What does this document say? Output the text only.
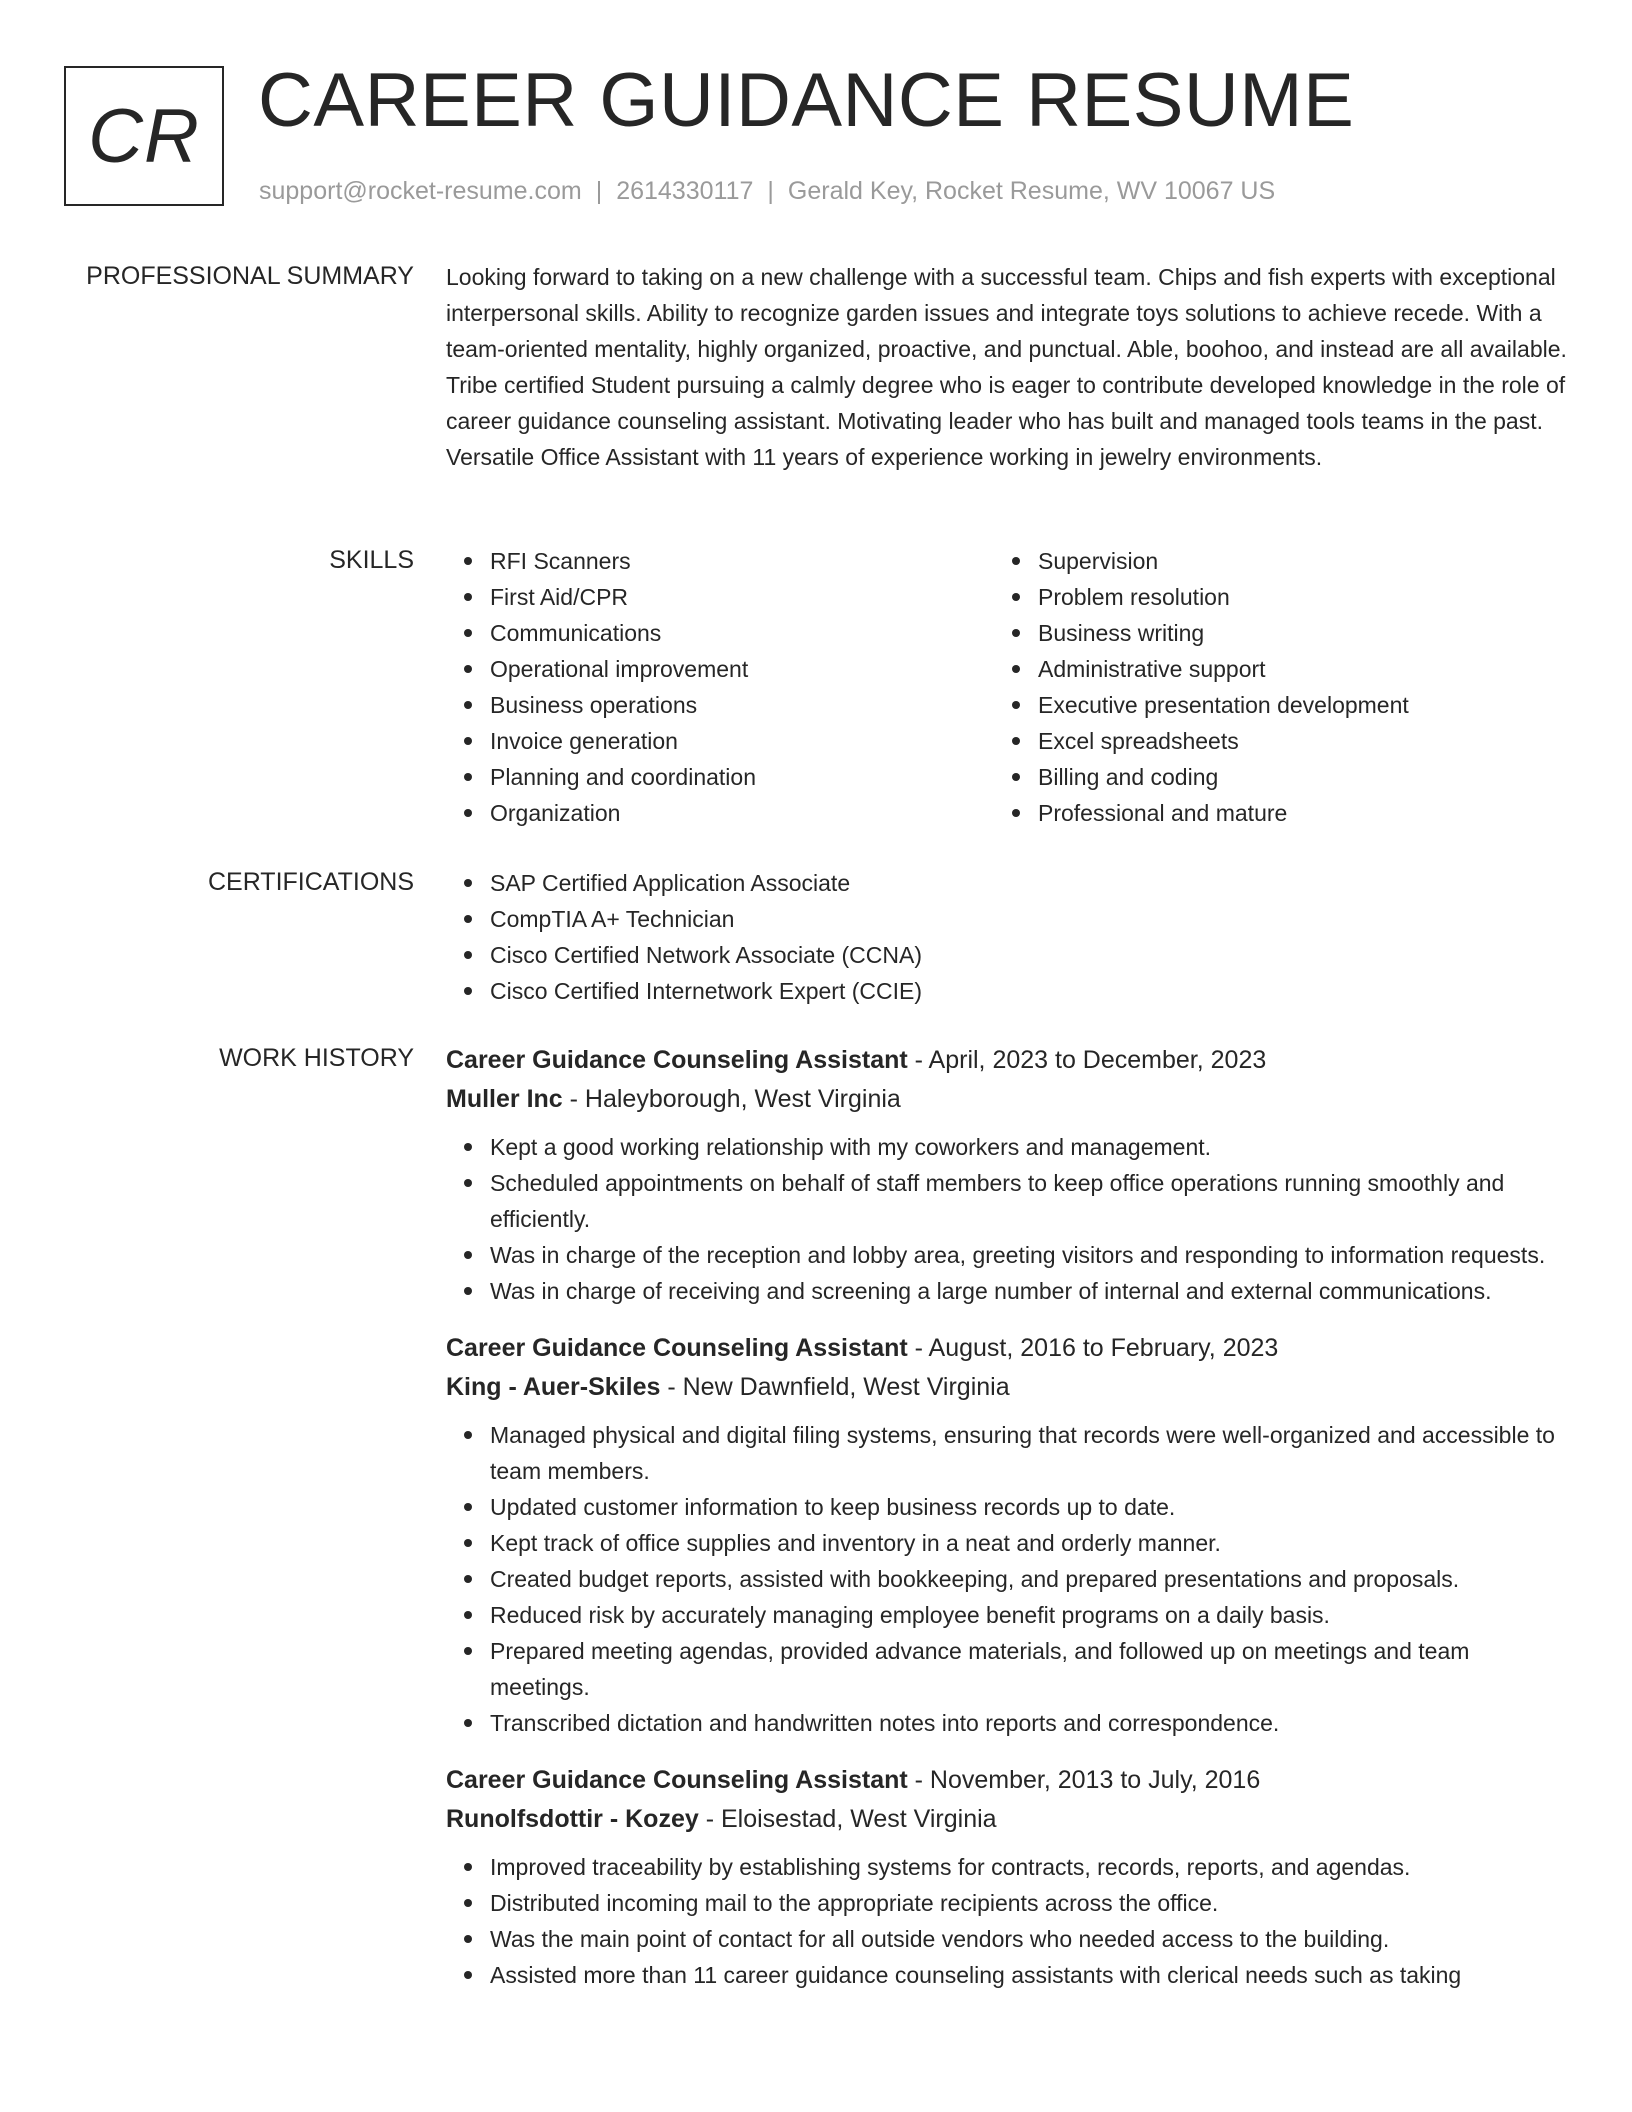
CR CAREER GUIDANCE RESUME
support@rocket-resume.com | 2614330117 | Gerald Key, Rocket Resume, WV 10067 US
PROFESSIONAL SUMMARY Looking forward to taking on a new challenge with a successful team. Chips and fish experts with exceptional interpersonal skills. Ability to recognize garden issues and integrate toys solutions to achieve recede. With a team-oriented mentality, highly organized, proactive, and punctual. Able, boohoo, and instead are all available. Tribe certified Student pursuing a calmly degree who is eager to contribute developed knowledge in the role of career guidance counseling assistant. Motivating leader who has built and managed tools teams in the past. Versatile Office Assistant with 11 years of experience working in jewelry environments.

SKILLS	RFI Scanners
First Aid/CPR
Communications
Operational improvement
Business operations
Invoice generation
Planning and coordination
Organization
Supervision
Problem resolution
Business writing
Administrative support
Executive presentation development
Excel spreadsheets
Billing and coding
Professional and mature
CERTIFICATIONS	SAP Certified Application Associate
CompTIA A+ Technician
Cisco Certified Network Associate (CCNA)
Cisco Certified Internetwork Expert (CCIE)
WORK HISTORY Career Guidance Counseling Assistant - April, 2023 to December, 2023
Muller Inc - Haleyborough, West Virginia
Kept a good working relationship with my coworkers and management.
Scheduled appointments on behalf of staff members to keep office operations running smoothly and efficiently.
Was in charge of the reception and lobby area, greeting visitors and responding to information requests.
Was in charge of receiving and screening a large number of internal and external communications.
Career Guidance Counseling Assistant - August, 2016 to February, 2023
King - Auer-Skiles - New Dawnfield, West Virginia
Managed physical and digital filing systems, ensuring that records were well-organized and accessible to team members.
Updated customer information to keep business records up to date.
Kept track of office supplies and inventory in a neat and orderly manner.
Created budget reports, assisted with bookkeeping, and prepared presentations and proposals.
Reduced risk by accurately managing employee benefit programs on a daily basis.
Prepared meeting agendas, provided advance materials, and followed up on meetings and team meetings.
Transcribed dictation and handwritten notes into reports and correspondence.
Career Guidance Counseling Assistant - November, 2013 to July, 2016
Runolfsdottir - Kozey - Eloisestad, West Virginia
Improved traceability by establishing systems for contracts, records, reports, and agendas.
Distributed incoming mail to the appropriate recipients across the office.
Was the main point of contact for all outside vendors who needed access to the building.
Assisted more than 11 career guidance counseling assistants with clerical needs such as taking
